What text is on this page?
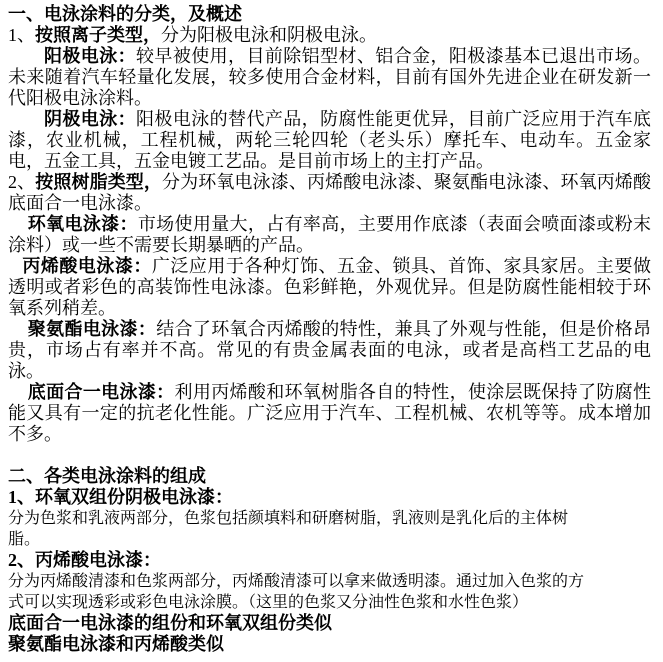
一、电泳涂料的分类，及概述

1、按照离子类型，分为阳极电泳和阴极电泳。

阳极电泳：较早被使用，目前除铝型材、铝合金，阳极漆基本已退出市场。未来随着汽车轻量化发展，较多使用合金材料，目前有国外先进企业在研发新一代阳极电泳涂料。

阴极电泳：阳极电泳的替代产品，防腐性能更优异，目前广泛应用于汽车底漆，农业机械，工程机械，两轮三轮四轮（老头乐）摩托车、电动车。五金家电，五金工具，五金电镀工艺品。是目前市场上的主打产品。

2、按照树脂类型，分为环氧电泳漆、丙烯酸电泳漆、聚氨酯电泳漆、环氧丙烯酸底面合一电泳漆。

环氧电泳漆：市场使用量大，占有率高，主要用作底漆（表面会喷面漆或粉末涂料）或一些不需要长期暴晒的产品。

丙烯酸电泳漆：广泛应用于各种灯饰、五金、锁具、首饰、家具家居。主要做透明或者彩色的高装饰性电泳漆。色彩鲜艳，外观优异。但是防腐性能相较于环氧系列稍差。

聚氨酯电泳漆：结合了环氧合丙烯酸的特性，兼具了外观与性能，但是价格昂贵，市场占有率并不高。常见的有贵金属表面的电泳，或者是高档工艺品的电泳。

底面合一电泳漆：利用丙烯酸和环氧树脂各自的特性，使涂层既保持了防腐性能又具有一定的抗老化性能。广泛应用于汽车、工程机械、农机等等。成本增加不多。

二、各类电泳涂料的组成

1、环氧双组份阴极电泳漆：

分为色浆和乳液两部分，色浆包括颜填料和研磨树脂，乳液则是乳化后的主体树脂。

2、丙烯酸电泳漆：

分为丙烯酸清漆和色浆两部分，丙烯酸清漆可以拿来做透明漆。通过加入色浆的方式可以实现透彩或彩色电泳涂膜。（这里的色浆又分油性色浆和水性色浆）

底面合一电泳漆的组份和环氧双组份类似

聚氨酯电泳漆和丙烯酸类似
